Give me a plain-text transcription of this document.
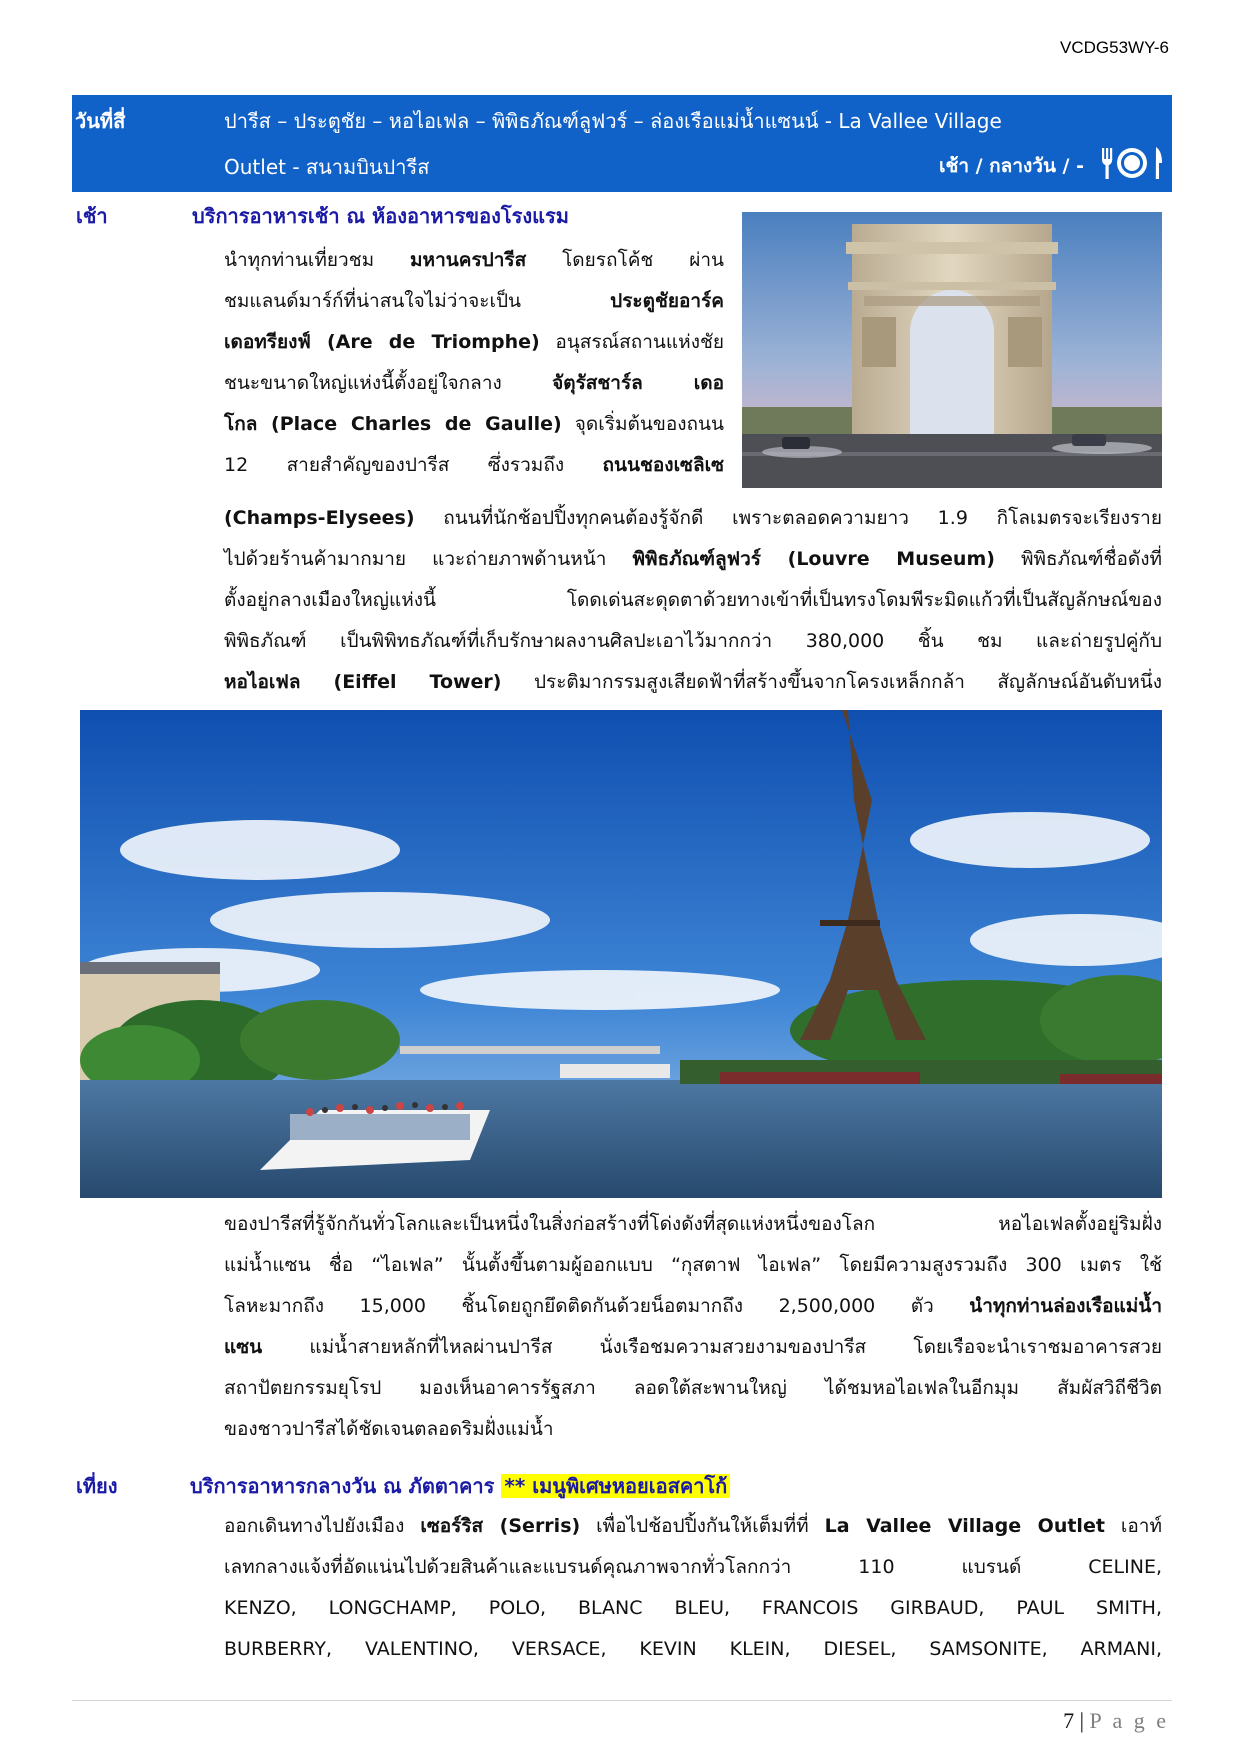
VCDG53WY-6
วันที่สี่	ปารีส – ประตูชัย – หอไอเฟล – พิพิธภัณฑ์ลูฟวร์ – ล่องเรือแม่น้ำแซนน์ - La Vallee Village
Outlet - สนามบินปารีส	เช้า / กลางวัน / -
เช้า	บริการอาหารเช้า ณ ห้องอาหารของโรงแรม

นำทุกท่านเที่ยวชม มหานครปารีส โดยรถโค้ช ผ่าน

ชมแลนด์มาร์ก์ที่น่าสนใจไม่ว่าจะเป็น ประตูชัยอาร์ค

เดอทรียงฟ์ (Are de Triomphe) อนุสรณ์สถานแห่งชัย

ชนะขนาดใหญ่แห่งนี้ตั้งอยู่ใจกลาง จัตุรัสชาร์ล เดอ

โกล (Place Charles de Gaulle) จุดเริ่มต้นของถนน

12 สายสำคัญของปารีส ซึ่งรวมถึง ถนนชองเซลิเซ

(Champs-Elysees) ถนนที่นักช้อปปิ้งทุกคนต้องรู้จักดี เพราะตลอดความยาว 1.9 กิโลเมตรจะเรียงราย

ไปด้วยร้านค้ามากมาย แวะถ่ายภาพด้านหน้า พิพิธภัณฑ์ลูฟวร์ (Louvre Museum) พิพิธภัณฑ์ชื่อดังที่

ตั้งอยู่กลางเมืองใหญ่แห่งนี้ โดดเด่นสะดุดตาด้วยทางเข้าที่เป็นทรงโดมพีระมิดแก้วที่เป็นสัญลักษณ์ของ

พิพิธภัณฑ์ เป็นพิพิทธภัณฑ์ที่เก็บรักษาผลงานศิลปะเอาไว้มากกว่า 380,000 ชิ้น ชม และถ่ายรูปคู่กับ

หอไอเฟล (Eiffel Tower) ประติมากรรมสูงเสียดฟ้าที่สร้างขึ้นจากโครงเหล็กกล้า สัญลักษณ์อันดับหนึ่ง

ของปารีสที่รู้จักกันทั่วโลกและเป็นหนึ่งในสิ่งก่อสร้างที่โด่งดังที่สุดแห่งหนึ่งของโลก หอไอเฟลตั้งอยู่ริมฝั่ง

แม่น้ำแซน ชื่อ “ไอเฟล” นั้นตั้งขึ้นตามผู้ออกแบบ “กุสตาฟ ไอเฟล” โดยมีความสูงรวมถึง 300 เมตร ใช้

โลหะมากถึง 15,000 ชิ้นโดยถูกยึดติดกันด้วยน็อตมากถึง 2,500,000 ตัว นำทุกท่านล่องเรือแม่น้ำ

แซน แม่น้ำสายหลักที่ไหลผ่านปารีส นั่งเรือชมความสวยงามของปารีส โดยเรือจะนำเราชมอาคารสวย

สถาปัตยกรรมยุโรป มองเห็นอาคารรัฐสภา ลอดใต้สะพานใหญ่ ได้ชมหอไอเฟลในอีกมุม สัมผัสวิถีชีวิต

ของชาวปารีสได้ชัดเจนตลอดริมฝั่งแม่น้ำ

เที่ยง	บริการอาหารกลางวัน ณ ภัตตาคาร ** เมนูพิเศษหอยเอสคาโก้

ออกเดินทางไปยังเมือง เซอร์ริส (Serris) เพื่อไปช้อปปิ้งกันให้เต็มที่ที่ La Vallee Village Outlet เอาท์

เลทกลางแจ้งที่อัดแน่นไปด้วยสินค้าและแบรนด์คุณภาพจากทั่วโลกกว่า 110 แบรนด์ CELINE,

KENZO, LONGCHAMP, POLO, BLANC BLEU, FRANCOIS GIRBAUD, PAUL SMITH,

BURBERRY, VALENTINO, VERSACE, KEVIN KLEIN, DIESEL, SAMSONITE, ARMANI,

7 | P a g e
